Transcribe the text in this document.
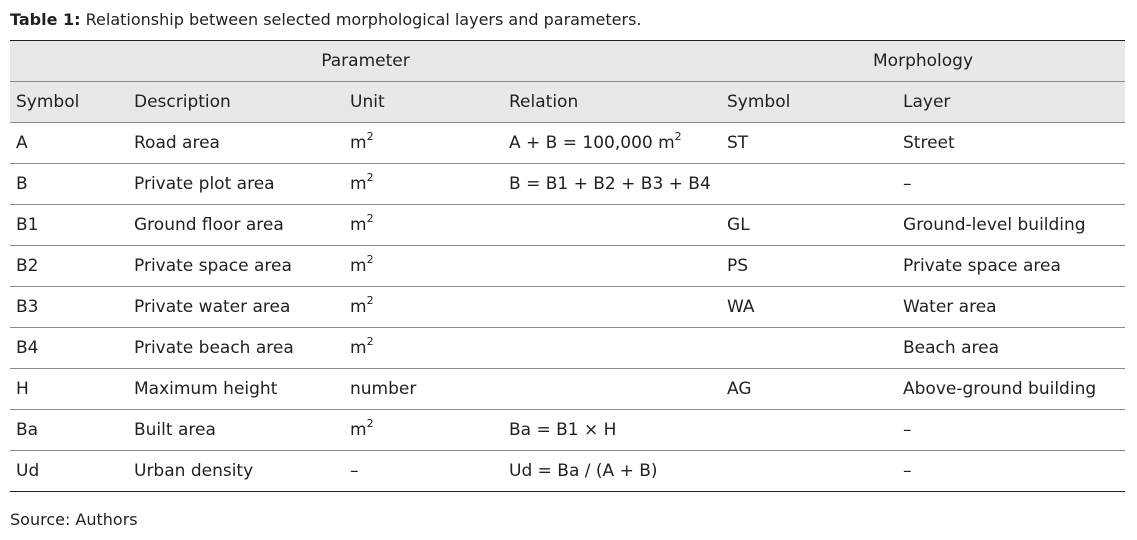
Table 1: Relationship between selected morphological layers and parameters.
Parameter				Morphology	
Symbol	Description	Unit	Relation	Symbol	Layer
A	Road area	$m^2$	A + B = 100,000 $m^2$	ST	Street
B	Private plot area	$m^2$	B = B1 + B2 + B3 + B4		–
B1	Ground floor area	$m^2$		GL	Ground-level building
B2	Private space area	$m^2$		PS	Private space area
B3	Private water area	$m^2$		WA	Water area
B4	Private beach area	$m^2$			Beach area
H	Maximum height	number		AG	Above-ground building
Ba	Built area	$m^2$	Ba = B1 × H		–
Ud	Urban density	–	Ud = Ba / (A + B)		–
Source: Authors
